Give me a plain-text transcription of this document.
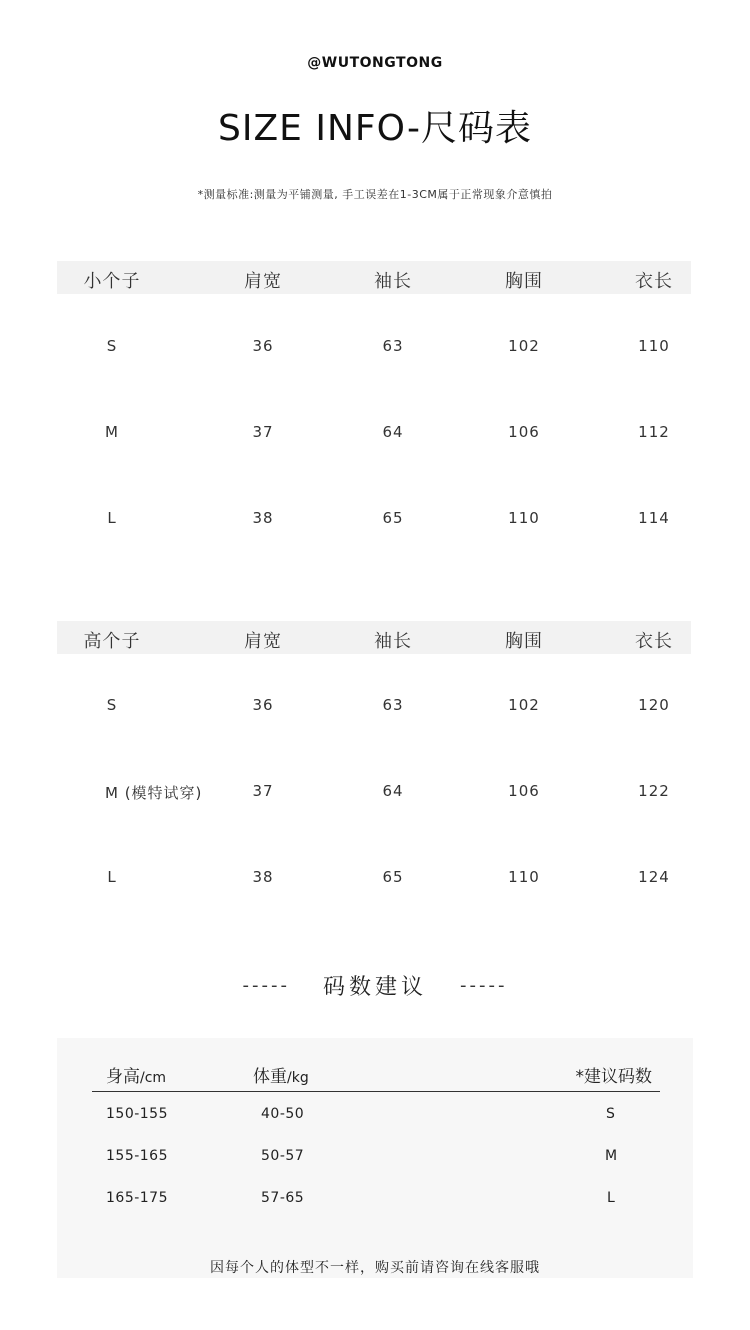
@WUTONGTONG
SIZE INFO-尺码表
*测量标准:测量为平铺测量, 手工误差在1-3CM属于正常现象介意慎拍
小个子	肩宽	袖长	胸围	衣长
S	36	63	102	110
M	37	64	106	112
L	38	65	110	114
高个子	肩宽	袖长	胸围	衣长
S	36	63	102	120
M (模特试穿)	37	64	106	122
L	38	65	110	124
----- 码数建议 -----
身高/cm	体重/kg	*建议码数
150-155	40-50	S
155-165	50-57	M
165-175	57-65	L
因每个人的体型不一样，购买前请咨询在线客服哦
